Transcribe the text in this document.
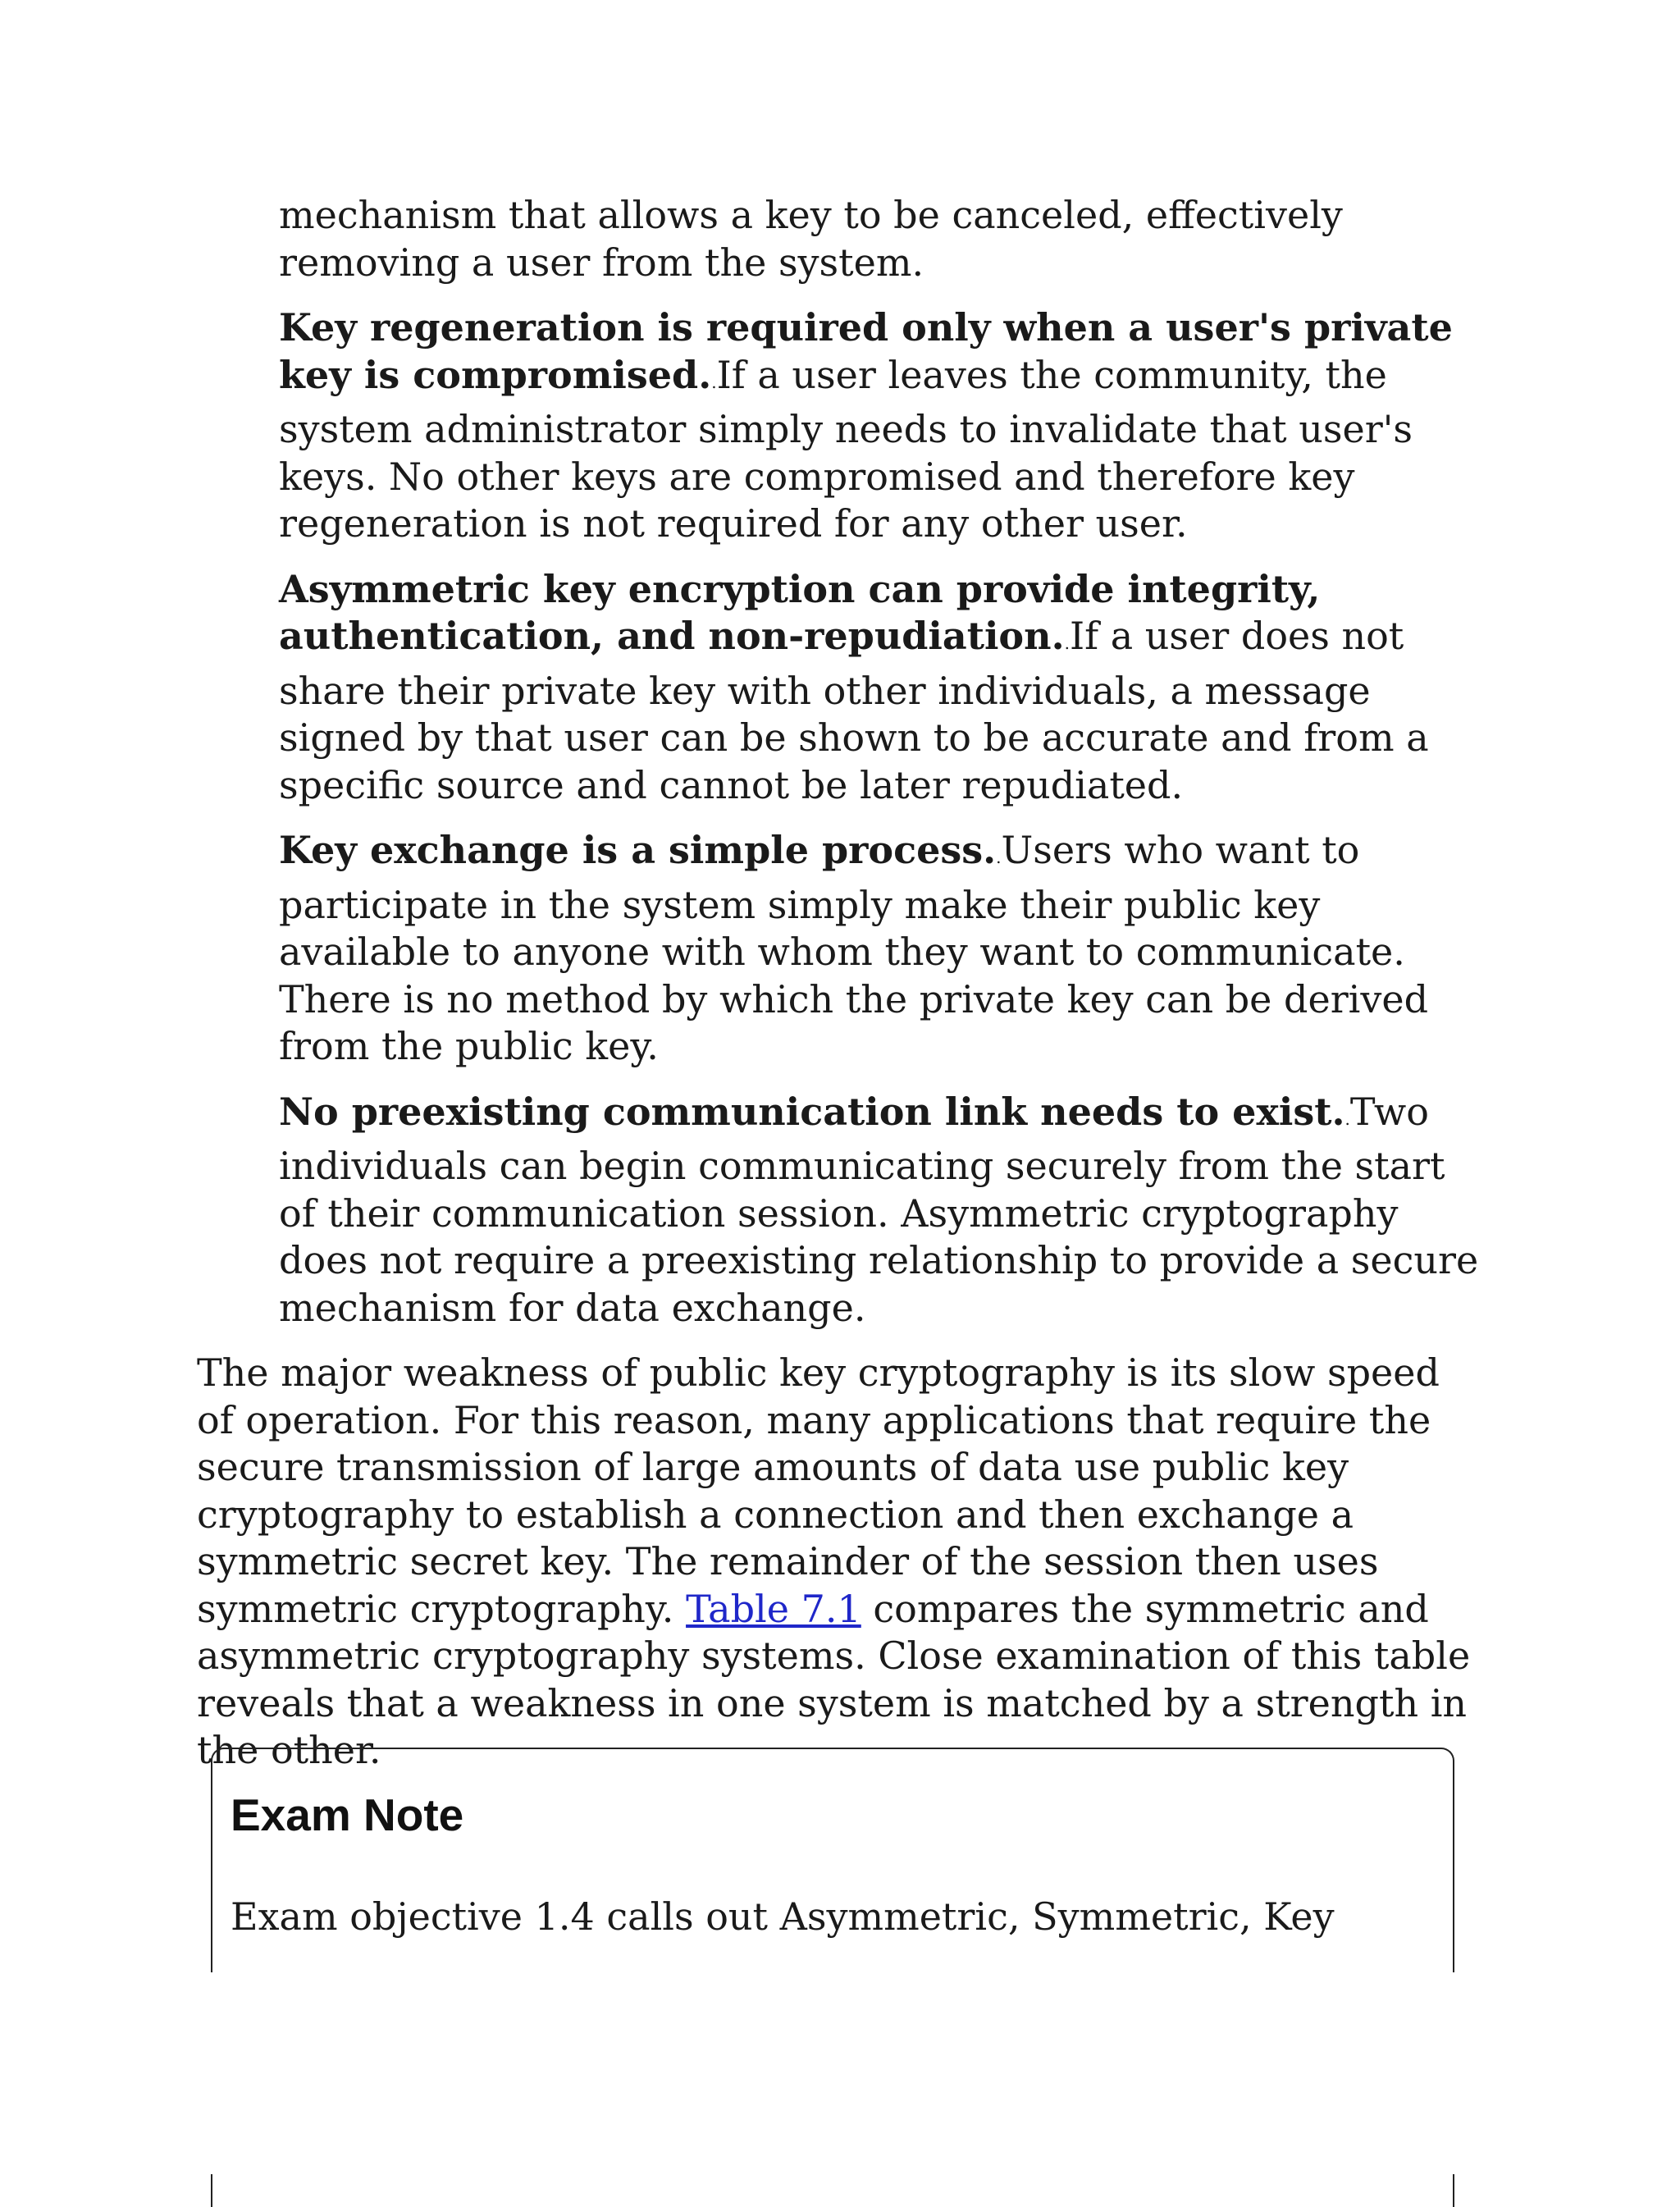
mechanism that allows a key to be canceled, effectively removing a user from the system.
Key regeneration is required only when a user's private key is compromised..If a user leaves the community, the system administrator simply needs to invalidate that user's keys. No other keys are compromised and therefore key regeneration is not required for any other user.
Asymmetric key encryption can provide integrity, authentication, and non-repudiation..If a user does not share their private key with other individuals, a message signed by that user can be shown to be accurate and from a specific source and cannot be later repudiated.
Key exchange is a simple process..Users who want to participate in the system simply make their public key available to anyone with whom they want to communicate. There is no method by which the private key can be derived from the public key.
No preexisting communication link needs to exist..Two individuals can begin communicating securely from the start of their communication session. Asymmetric cryptography does not require a preexisting relationship to provide a secure mechanism for data exchange.

The major weakness of public key cryptography is its slow speed of operation. For this reason, many applications that require the secure transmission of large amounts of data use public key cryptography to establish a connection and then exchange a symmetric secret key. The remainder of the session then uses symmetric cryptography. Table 7.1 compares the symmetric and asymmetric cryptography systems. Close examination of this table reveals that a weakness in one system is matched by a strength in the other.

Exam Note
Exam objective 1.4 calls out Asymmetric, Symmetric, Key
